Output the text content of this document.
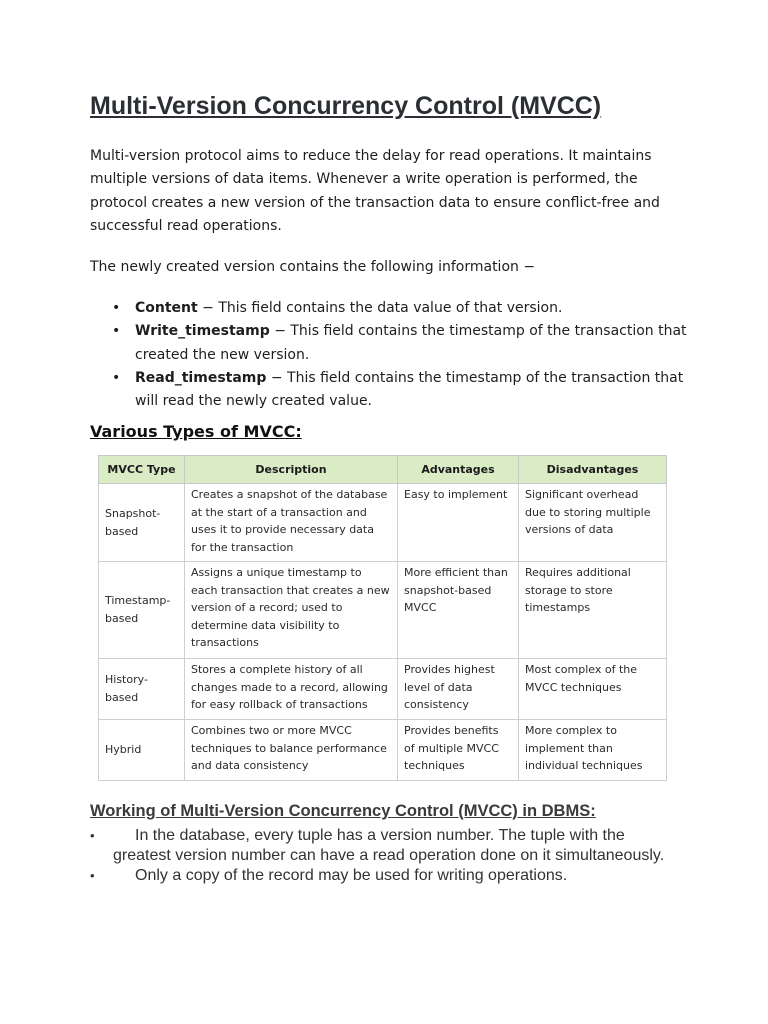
Multi-Version Concurrency Control (MVCC)

Multi-version protocol aims to reduce the delay for read operations. It maintains multiple versions of data items. Whenever a write operation is performed, the protocol creates a new version of the transaction data to ensure conflict-free and successful read operations.

The newly created version contains the following information −

• Content − This field contains the data value of that version.
• Write_timestamp − This field contains the timestamp of the transaction that created the new version.
• Read_timestamp − This field contains the timestamp of the transaction that will read the newly created value.
Various Types of MVCC:
MVCC Type	Description	Advantages	Disadvantages
Snapshot-based	Creates a snapshot of the database at the start of a transaction and uses it to provide necessary data for the transaction	Easy to implement	Significant overhead due to storing multiple versions of data
Timestamp-based	Assigns a unique timestamp to each transaction that creates a new version of a record; used to determine data visibility to transactions	More efficient than snapshot-based MVCC	Requires additional storage to store timestamps
History-based	Stores a complete history of all changes made to a record, allowing for easy rollback of transactions	Provides highest level of data consistency	Most complex of the MVCC techniques
Hybrid	Combines two or more MVCC techniques to balance performance and data consistency	Provides benefits of multiple MVCC techniques	More complex to implement than individual techniques
Working of Multi-Version Concurrency Control (MVCC) in DBMS:
•	In the database, every tuple has a version number. The tuple with the greatest version number can have a read operation done on it simultaneously.
•	Only a copy of the record may be used for writing operations.
